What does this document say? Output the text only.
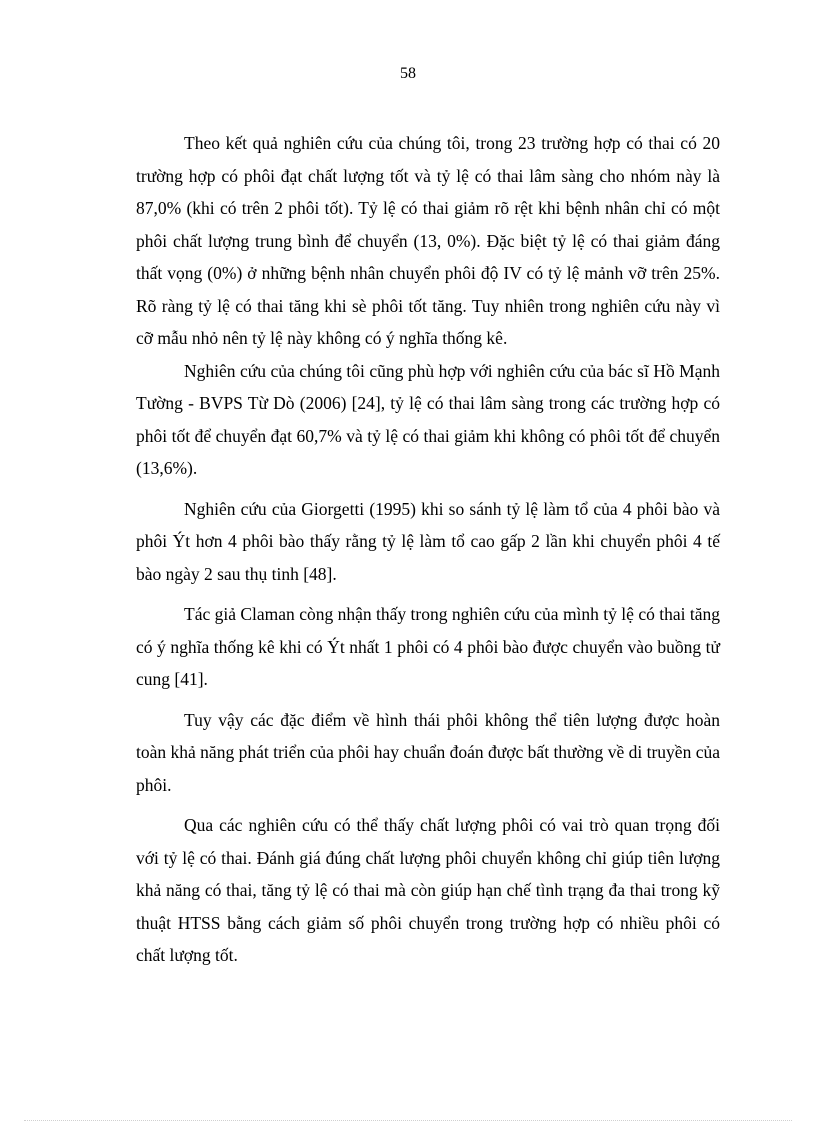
58

Theo kết quả nghiên cứu của chúng tôi, trong 23 trường hợp có thai có 20 trường hợp có phôi đạt chất lượng tốt và tỷ lệ có thai lâm sàng cho nhóm này là 87,0% (khi có trên 2 phôi tốt). Tỷ lệ có thai giảm rõ rệt khi bệnh nhân chỉ có một phôi chất lượng trung bình để chuyển (13, 0%). Đặc biệt tỷ lệ có thai giảm đáng thất vọng (0%) ở những bệnh nhân chuyển phôi độ IV có tỷ lệ mảnh vỡ trên 25%. Rõ ràng tỷ lệ có thai tăng khi sè phôi tốt tăng. Tuy nhiên trong nghiên cứu này vì cỡ mẫu nhỏ nên tỷ lệ này không có ý nghĩa thống kê.

Nghiên cứu của chúng tôi cũng phù hợp với nghiên cứu của bác sĩ Hồ Mạnh Tường - BVPS Từ Dò (2006) [24], tỷ lệ có thai lâm sàng trong các trường hợp có phôi tốt để chuyển đạt 60,7% và tỷ lệ có thai giảm khi không có phôi tốt để chuyển (13,6%).

Nghiên cứu của Giorgetti (1995) khi so sánh tỷ lệ làm tổ của 4 phôi bào và phôi Ýt hơn 4 phôi bào thấy rằng tỷ lệ làm tổ cao gấp 2 lần khi chuyển phôi 4 tế bào ngày 2 sau thụ tinh [48].

Tác giả Claman còng nhận thấy trong nghiên cứu của mình tỷ lệ có thai tăng có ý nghĩa thống kê khi có Ýt nhất 1 phôi có 4 phôi bào được chuyển vào buồng tử cung [41].

Tuy vậy các đặc điểm về hình thái phôi không thể tiên lượng được hoàn toàn khả năng phát triển của phôi hay chuẩn đoán được bất thường về di truyền của phôi.

Qua các nghiên cứu có thể thấy chất lượng phôi có vai trò quan trọng đối với tỷ lệ có thai. Đánh giá đúng chất lượng phôi chuyển không chỉ giúp tiên lượng khả năng có thai, tăng tỷ lệ có thai mà còn giúp hạn chế tình trạng đa thai trong kỹ thuật HTSS bằng cách giảm số phôi chuyển trong trường hợp có nhiều phôi có chất lượng tốt.
